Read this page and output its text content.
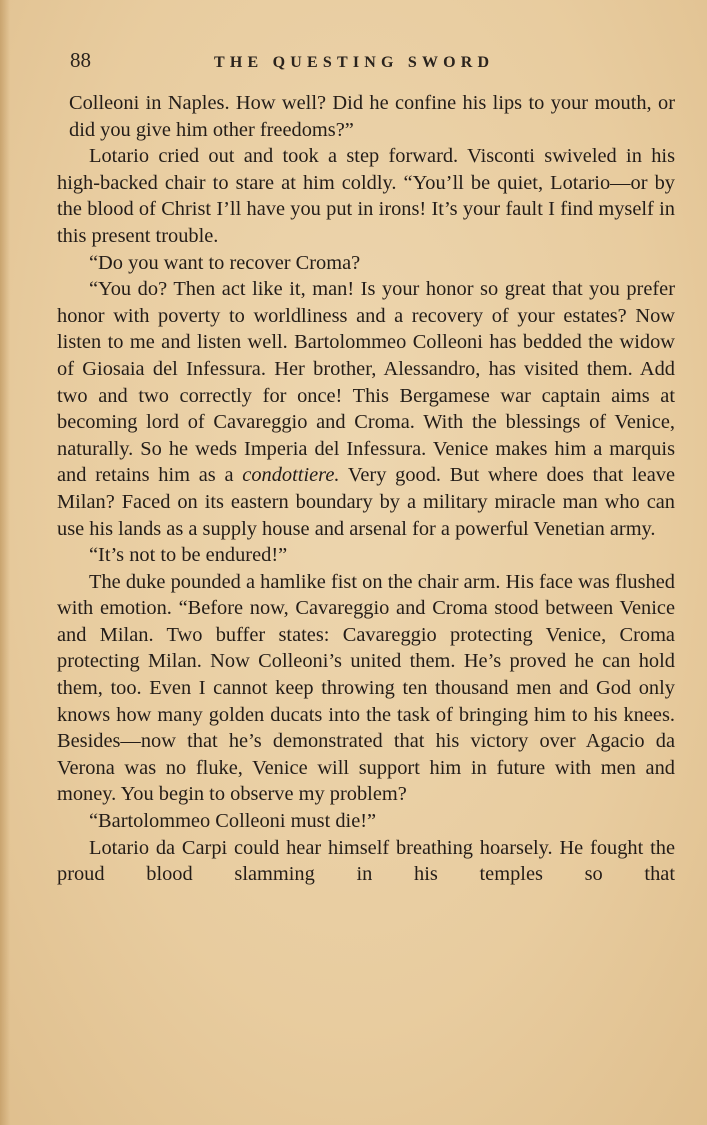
88	THE QUESTING SWORD

Colleoni in Naples. How well? Did he confine his lips to your mouth, or did you give him other freedoms?”

Lotario cried out and took a step forward. Visconti swiveled in his high-backed chair to stare at him coldly. “You’ll be quiet, Lotario—or by the blood of Christ I’ll have you put in irons! It’s your fault I find myself in this present trouble.

“Do you want to recover Croma?

“You do? Then act like it, man! Is your honor so great that you prefer honor with poverty to worldliness and a recovery of your estates? Now listen to me and listen well. Bartolommeo Colleoni has bedded the widow of Giosaia del Infessura. Her brother, Alessandro, has visited them. Add two and two correctly for once! This Bergamese war captain aims at becoming lord of Cavareggio and Croma. With the blessings of Venice, naturally. So he weds Imperia del Infessura. Venice makes him a marquis and retains him as a condottiere. Very good. But where does that leave Milan? Faced on its eastern boundary by a military miracle man who can use his lands as a supply house and arsenal for a powerful Venetian army.

“It’s not to be endured!”

The duke pounded a hamlike fist on the chair arm. His face was flushed with emotion. “Before now, Cavareggio and Croma stood between Venice and Milan. Two buffer states: Cavareggio protecting Venice, Croma protecting Milan. Now Colleoni’s united them. He’s proved he can hold them, too. Even I cannot keep throwing ten thousand men and God only knows how many golden ducats into the task of bringing him to his knees. Besides—now that he’s demonstrated that his victory over Agacio da Verona was no fluke, Venice will support him in future with men and money. You begin to observe my problem?

“Bartolommeo Colleoni must die!”

Lotario da Carpi could hear himself breathing hoarsely. He fought the proud blood slamming in his temples so that
